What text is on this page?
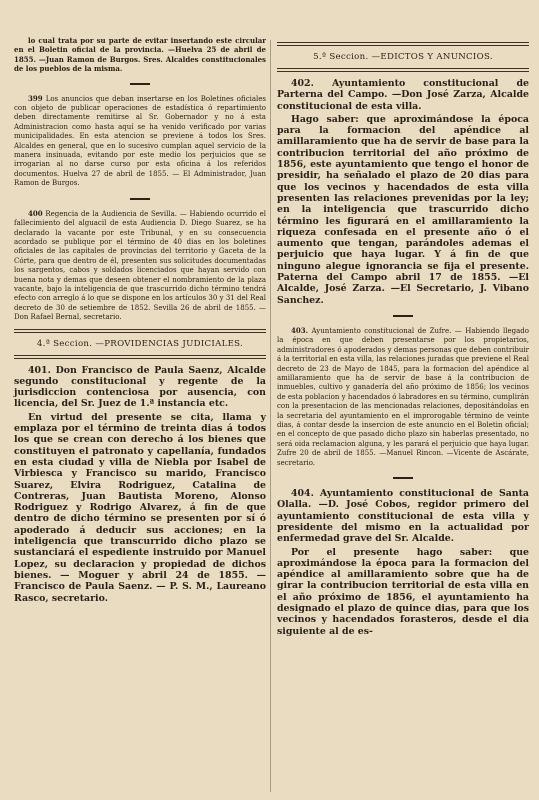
lo cual trata por su parte de evitar insertando este circular en el Boletin oficial de la provincia. —Huelva 25 de abril de 1855. —Juan Ramon de Burgos. Sres. Alcaldes constitucionales de los pueblos de la misma.

399 Los anuncios que deban insertarse en los Boletines oficiales con objeto de publicar operaciones de estadística ó repartimiento deben directamente remitirse al Sr. Gobernador y no á esta Administracion como hasta aquí se ha venido verificado por varias municipalidades. En esta atencion se previene á todos los Sres. Alcaldes en general, que en lo sucesivo cumplan aquel servicio de la manera insinuada, evitando por este medio los perjuicios que se irrogarian al no darse curso por esta oficina á los referidos documentos. Huelva 27 de abril de 1855. — El Administrador, Juan Ramon de Burgos.

400 Regencia de la Audiencia de Sevilla. — Habiendo ocurrido el fallecimiento del alguacil de esta Audiencia D. Diego Suarez, se ha declarado la vacante por este Tribunal, y en su consecuencia acordado se publique por el término de 40 dias en los boletines oficiales de las capitales de provincias del territorio y Gaceta de la Córte, para que dentro de él, presenten sus solicitudes documentadas los sargentos, cabos y soldados licenciados que hayan servido con buena nota y demas que deseen obtener el nombramiento de la plaza vacante, bajo la inteligencia de que trascurrido dicho término tendrá efecto con arreglo á lo que se dispone en los artículos 30 y 31 del Real decreto de 30 de setiembre de 1852. Sevilla 26 de abril de 1855. —Don Rafael Bernal, secretario.

4.ª Seccion. —PROVIDENCIAS JUDICIALES.

401. Don Francisco de Paula Saenz, Alcalde segundo constitucional y regente de la jurisdiccion contenciosa por ausencia, con licencia, del Sr. Juez de 1.ª instancia etc.

En virtud del presente se cita, llama y emplaza por el término de treinta dias á todos los que se crean con derecho á los bienes que constituyen el patronato y capellanía, fundados en esta ciudad y villa de Niebla por Isabel de Virbiesca y Francisco su marido, Francisco Suarez, Elvira Rodriguez, Catalina de Contreras, Juan Bautista Moreno, Alonso Rodriguez y Rodrigo Alvarez, á fin de que dentro de dicho término se presenten por sí ó apoderado á deducir sus acciones; en la inteligencia que transcurrido dicho plazo se sustanciará el espediente instruido por Manuel Lopez, su declaracion y propiedad de dichos bienes. — Moguer y abril 24 de 1855. — Francisco de Paula Saenz. — P. S. M., Laureano Rasco, secretario.

5.ª Seccion. —EDICTOS Y ANUNCIOS.

402. Ayuntamiento constitucional de Parterna del Campo. —Don José Zarza, Alcalde constitucional de esta villa.

Hago saber: que aproximándose la época para la formacion del apéndice al amillaramiento que ha de servir de base para la contribucion territorial del año próximo de 1856, este ayuntamiento que tengo el honor de presidir, ha señalado el plazo de 20 dias para que los vecinos y hacendados de esta villa presenten las relaciones prevenidas por la ley; en la inteligencia que trascurrido dicho término les figurará en el amillaramiento la riqueza confesada en el presente año ó el aumento que tengan, parándoles ademas el perjuicio que haya lugar. Y á fin de que ninguno alegue ignorancia se fija el presente. Paterna del Campo abril 17 de 1855. —El Alcalde, José Zarza. —El Secretario, J. Vibano Sanchez.

403. Ayuntamiento constitucional de Zufre. — Habiendo llegado la época en que deben presentarse por los propietarios, administradores ó apoderados y demas personas que deben contribuir á la territorial en esta villa, las relaciones juradas que previene el Real decreto de 23 de Mayo de 1845, para la formacion del apéndice al amillaramiento que ha de servir de base á la contribucion de inmuebles, cultivo y ganadería del año próximo de 1856; los vecinos de esta poblacion y hacendados ó labradores en su término, cumplirán con la presentacion de las mencionadas relaciones, depositándolas en la secretaria del ayuntamiento en el improrogable término de veinte dias, á contar desde la insercion de este anuncio en el Boletin oficial; en el concepto de que pasado dicho plazo sin haberlas presentado, no será oida reclamacion alguna, y les parará el perjuicio que haya lugar. Zufre 20 de abril de 1855. —Manuel Rincon. —Vicente de Ascárate, secretario.

404. Ayuntamiento constitucional de Santa Olalla. —D. José Cobos, regidor primero del ayuntamiento constitucional de esta villa y presidente del mismo en la actualidad por enfermedad grave del Sr. Alcalde.

Por el presente hago saber: que aproximándose la época para la formacion del apéndice al amillaramiento sobre que ha de girar la contribucion territorial de esta villa en el año próximo de 1856, el ayuntamiento ha designado el plazo de quince dias, para que los vecinos y hacendados forasteros, desde el dia siguiente al de es-
